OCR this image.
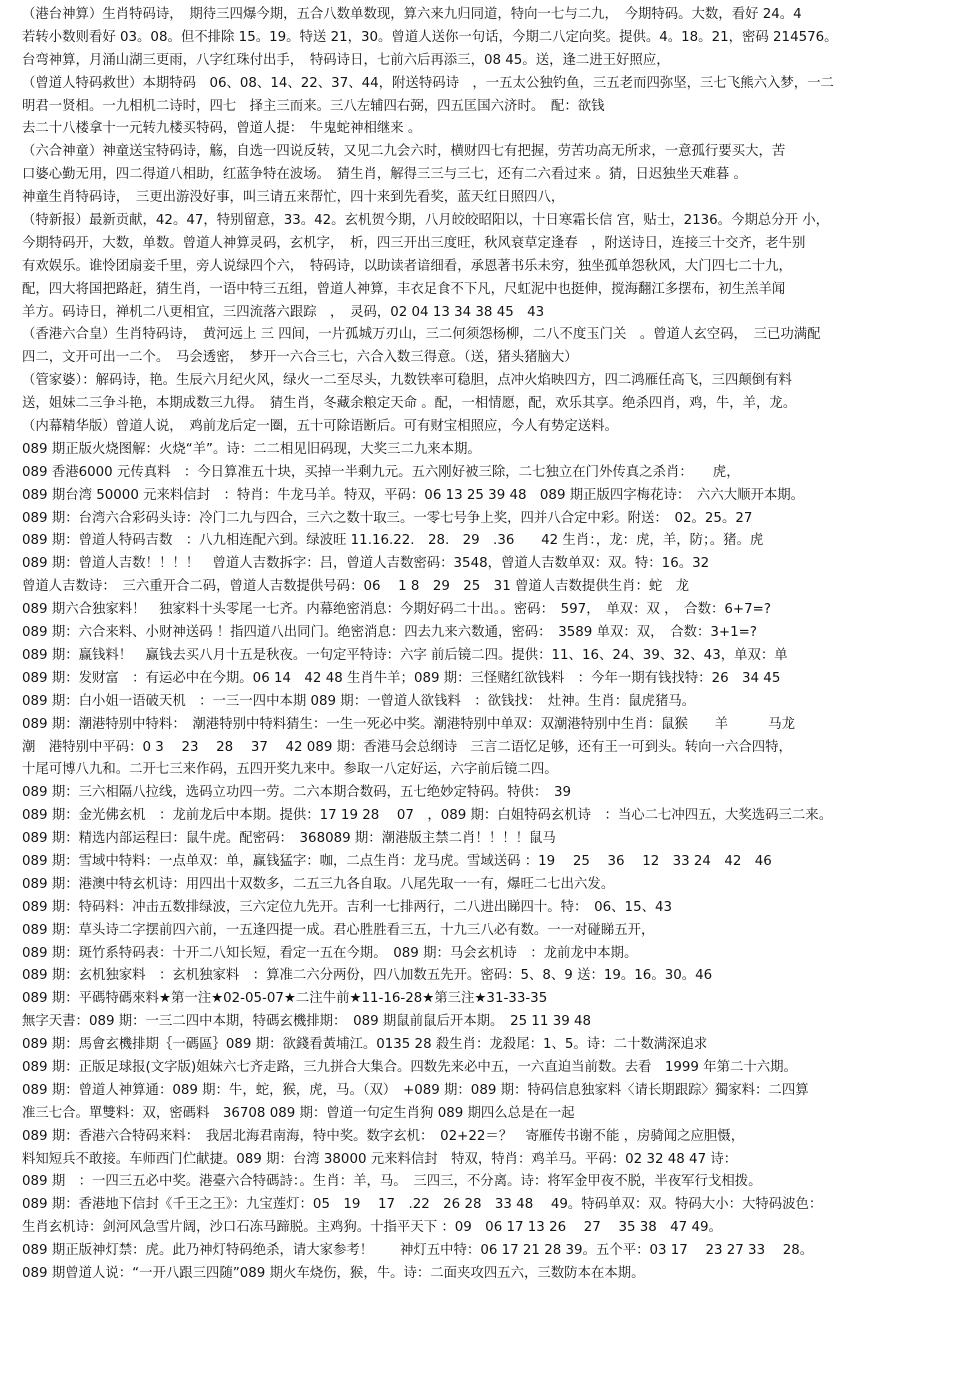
（港台神算）生肖特码诗，　期待三四爆今期，五合八数单数现，算六来九归同道，特向一七与二九，　今期特码。大数，看好 24。4
若转小数则看好 03。08。但不排除 15。19。特送 21，30。曾道人送你一句话，今期二八定向奖。提供。4。18。21，密码 214576。
台弯神算，月涌山湖三更雨，八字红珠付出手，　特码诗日，七前六后再添三，08 45。送，逢二进王好照应，
（曾道人特码救世）本期特码　06、08、14、22、37、44，附送特码诗　，一五太公独钓鱼，三五老而四弥坚，三七飞熊六入梦，一二
明君一贤相。一九相机二诗时，四七　择主三而来。三八左辅四右弼，四五匡国六济时。　配：欲钱
去二十八楼拿十一元转九楼买特码，曾道人提：　牛鬼蛇神相继来 。
（六合神童）神童送宝特码诗，觞，自选一四说反转，又见二九会六时，横财四七有把握，劳苦功高无所求，一意孤行要买大，苦
口婆心勤无用，四二得道八相助，红蓝争特在波场。　猜生肖，解得三三与三七，还有二六看过来 。猜，日迟独坐天难暮 。
神童生肖特码诗，　三更出游没好事，叫三请五来帮忙，四十来到先看奖，蓝天红日照四八，
（特新报）最新贡献，42。47，特别留意，33。42。玄机贺今期，八月皎皎昭阳以，十日寒霜长信 宫，贴士，2136。今期总分开 小，
今期特码开，大数，单数。曾道人神算灵码，玄机字，　析，四三开出三度旺，秋风衰草定逢春　，附送诗日，连接三十交齐，老牛别
有欢娱乐。谁怜团扇妾千里，旁人说绿四个六，　特码诗，以助读者谙细看，承恩著书乐未穷，独坐孤单怨秋风，大门四七二十九，
配，四大将国把路赶，猜生肖，一语中特三五组，曾道人神算，丰衣足食不下凡，尺虹泥中也挺伸，搅海翻江多摆布，初生羔羊闻
羊方。码诗日，禅机二八更相宜，三四流落六跟踪　，　灵码，02 04 13 34 38 45　43
（香港六合皇）生肖特码诗，　黄河远上 三 四间，一片孤城万刃山，三二何须怨杨柳，二八不度玉门关　。曾道人玄空码，　三已功满配
四二，文开可出一二个。　马会透密，　梦开一六合三七，六合入数三得意。（送，猪头猪脑大）
（管家婆）：解码诗，艳。生辰六月纪火风，绿火一二至尽头，九数铁率可稳胆，点冲火焰映四方，四二鸿雁任高飞，三四颠倒有料
送，姐妹二三争斗艳，本期成数三九得。　猜生肖，冬藏余粮定天命 。配，一相情愿，配，欢乐其享。绝杀四肖，鸡，牛，羊，龙。
（内幕精华版）曾道人说，　鸡前龙后定一圈，五十可除语断后。可有财宝相照应，今人有势定送料。
089 期正版火烧图解：火烧“羊”。诗：二二相见旧码现，大奖三二九来本期。
089 香港6000 元传真料　：今日算准五十块，买掉一半剩九元。五六刚好被三除，二七独立在门外传真之杀肖：　　虎，
089 期台湾 50000 元来料信封　：特肖：牛龙马羊。特双，平码：06 13 25 39 48　089 期正版四字梅花诗：　六六大顺开本期。
089 期：台湾六合彩码头诗：冷门二九与四合，三六之数十取三。一零七号争上奖，四并八合定中彩。附送：　02。25。27
089 期：曾道人特码吉数　：八九相连配六到。绿波旺 11.16.22.　28.　29　.36　　42 生肖：，龙：虎，羊，防；。猪。虎
089 期：曾道人吉数！！！！　曾道人吉数拆字：吕，曾道人吉数密码：3548，曾道人吉数单双：双。特：16。32
曾道人吉数诗：　三六重开合二码，曾道人吉数提供号码：06　 1 8　29　25　31 曾道人吉数提供生肖：蛇　龙
089 期六合独家料！　独家料十头零尾一七齐。内幕绝密消息：今期好码二十出。。密码：　597，　单双：双 ，　合数：6+7=?
089 期：六合来料、小财神送码 ！指四道八出同门。绝密消息：四去九来六数通，密码：　3589 单双：双，　合数：3+1=?
089 期：赢钱料！　赢钱去买八月十五是秋夜。一句定平特诗：六字 前后镜二四。提供：11、16、24、39、32、43，单双：单
089 期：发财富　：有运必中在今期。06 14　42 48 生肖牛羊；089 期：三怪赌红欲钱料　：今年一期有钱找特：26　34 45
089 期：白小姐一语破天机　：一三一四中本期 089 期：一曾道人欲钱料　：欲钱找：　灶神。生肖：鼠虎猪马。
089 期：潮港特别中特料：　潮港特别中特料猜生：一生一死必中奖。潮港特别中单双：双潮港特别中生肖：鼠猴　　羊　　　马龙
潮　港特别中平码：0 3　 23　 28　 37　 42 089 期：香港马会总纲诗　三言二语忆足够，还有王一可到头。转向一六合四特，
十尾可博八九和。二开七三来作码，五四开奖九来中。参取一八定好运，六字前后镜二四。
089 期：三六相隔八拉线，选码立功四一劳。二六本期合数码，五七绝妙定特码。特供：　39
089 期：金光佛玄机　：龙前龙后中本期。提供：17 19 28　 07　，089 期：白姐特码玄机诗　：当心二七冲四五，大奖选码三二来。
089 期：精选内部运程曰：鼠牛虎。配密码：　368089 期：潮港版主禁二肖！！！！鼠马
089 期：雪域中特料：一点单双：单，赢钱猛字：咖，二点生肖：龙马虎。雪域送码 ：19　 25　 36　 12　33 24　42　46
089 期：港澳中特玄机诗：用四出十双数多，二五三九各自取。八尾先取一一有，爆旺二七出六发。
089 期：特码料：冲击五数排绿波，三六定位九先开。吉利一七排两行，二八进出睇四十。特：　06、15、43
089 期：草头诗二字摆前四六前，一五逢四提一成。君心胜胜看三五，十九三八必有数。一一对碰睇五开，
089 期：斑竹系特码表：十开二八知长短，看定一五在今期。　089 期：马会玄机诗　：龙前龙中本期。
089 期：玄机独家料　：玄机独家料　：算准二六分两份，四八加数五先开。密码：5、8、9 送：19。16。30。46
089 期：平碼特碼來料★第一注★02-05-07★二注牛前★11-16-28★第三注★31-33-35
無字天書：089 期：一三二四中本期，特碼玄機排期：　089 期鼠前鼠后开本期。　25 11 39 48
089 期：馬會玄機排期｛一碼區｝089 期：欲錢看黃埔江。0135 28 殺生肖：龙殺尾：1、5。诗：二十数满深追求
089 期：正版足球报(文字版)姐妹六七齐走路，三九拼合大集合。四数先来必中五，一六直迫当前数。去看　1999 年第二十六期。
089 期：曾道人神算通：089 期：牛，蛇，猴，虎，马。（双）　+089 期：089 期：特码信息独家料〈请长期跟踪〉獨家料：二四算
准三七合。單雙料：双，密碼料　36708 089 期：曾道一句定生肖狗 089 期四么总是在一起
089 期：香港六合特码来料：　我居北海君南海，特中奖。数字玄机：　02+22＝？　寄雁传书谢不能 ，房骑闻之应胆慑，
料知短兵不敢接。车师西门伫献捷。089 期：台湾 38000 元来料信封　特双，特肖：鸡羊马。平码：02 32 48 47 诗：
089 期　：一四三五必中奖。港臺六合特碼詩：。生肖：羊，马。　三四三，不分离。诗：将军金甲夜不脱，半夜军行戈相拨。
089 期：香港地下信封《千王之王》：九宝莲灯：05　19　 17　.22　26 28　33 48　 49。特码单双：双。特码大小：大特码波色：
生肖玄机诗：剑河风急雪片阔，沙口石冻马蹄脱。主鸡狗。十指平天下 ：09　06 17 13 26　 27　 35 38　47 49。
089 期正版神灯禁：虎。此乃神灯特码绝杀，请大家参考！　　神灯五中特：06 17 21 28 39。五个平：03 17　 23 27 33　 28。
089 期曾道人说：“一开八跟三四随”089 期火车烧伤，猴，牛。诗：二面夹攻四五六，三数防本在本期。
